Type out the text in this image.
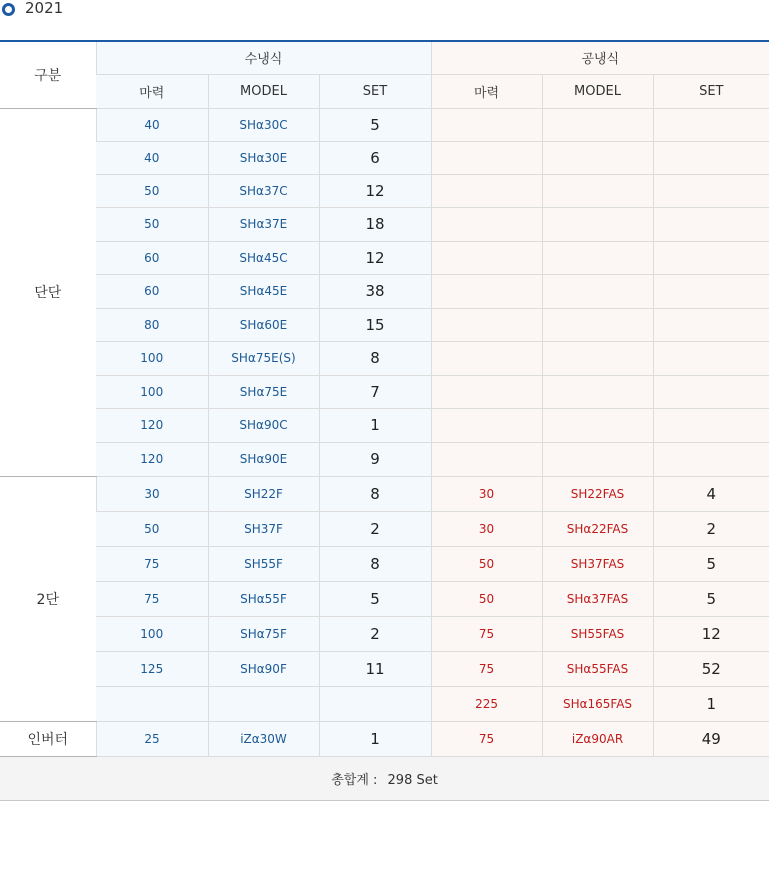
2021
구분	수냉식			공냉식		
	마력	MODEL	SET	마력	MODEL	SET
단단	40	SHα30C	5			
	40	SHα30E	6			
	50	SHα37C	12			
	50	SHα37E	18			
	60	SHα45C	12			
	60	SHα45E	38			
	80	SHα60E	15			
	100	SHα75E(S)	8			
	100	SHα75E	7			
	120	SHα90C	1			
	120	SHα90E	9			
2단	30	SH22F	8	30	SH22FAS	4
	50	SH37F	2	30	SHα22FAS	2
	75	SH55F	8	50	SH37FAS	5
	75	SHα55F	5	50	SHα37FAS	5
	100	SHα75F	2	75	SH55FAS	12
	125	SHα90F	11	75	SHα55FAS	52
				225	SHα165FAS	1
인버터	25	iZα30W	1	75	iZα90AR	49
총합계 : 298 Set						
